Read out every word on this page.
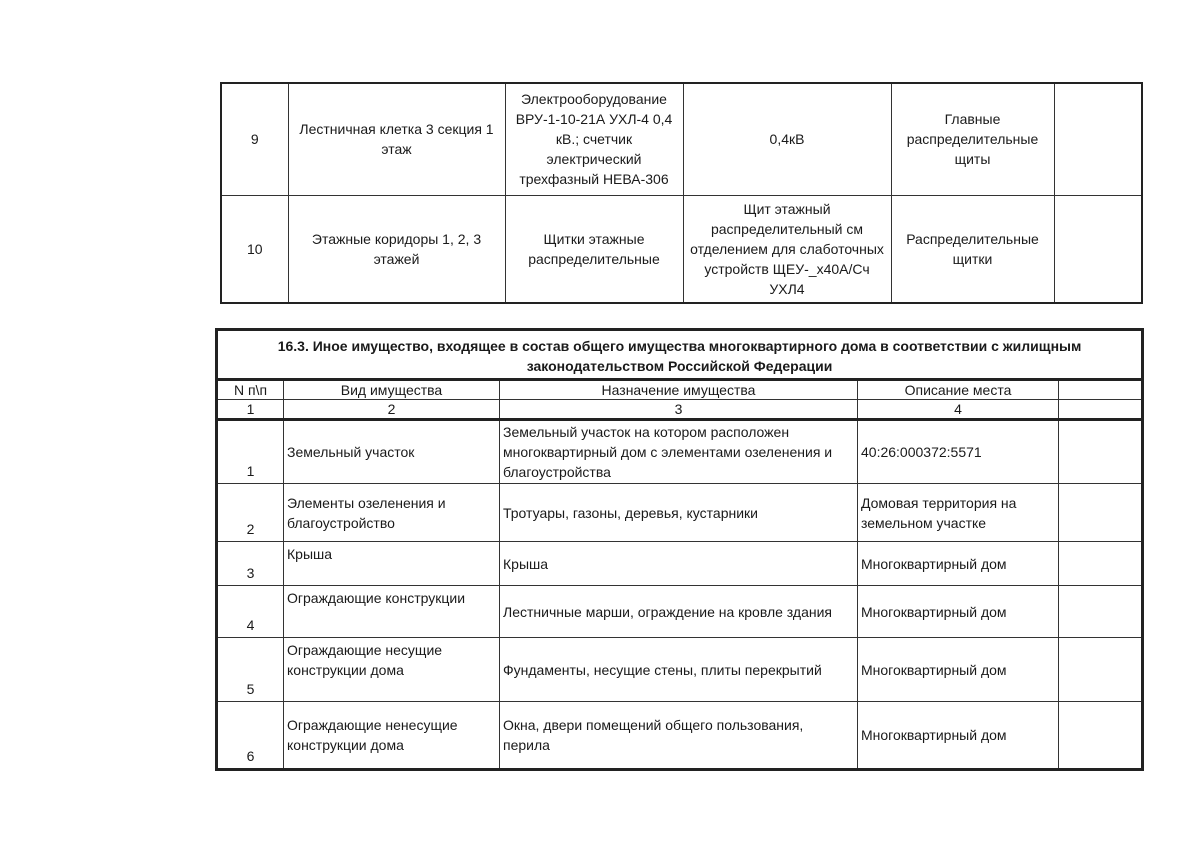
9	Лестничная клетка 3 секция 1 этаж	Электрооборудование ВРУ-1-10-21А УХЛ-4 0,4 кВ.; счетчик электрический трехфазный НЕВА-306	0,4кВ	Главные распределительные щиты	
10	Этажные коридоры 1, 2, 3 этажей	Щитки этажные распределительные	Щит этажный распределительный см отделением для слаботочных устройств ЩЕУ-_х40А/Сч УХЛ4	Распределительные щитки	
16.3. Иное имущество, входящее в состав общего имущества многоквартирного дома в соответствии с жилищным законодательством Российской Федерации				
N п\п	Вид имущества	Назначение имущества	Описание места	
1	2	3	4	
1	Земельный участок	Земельный участок на котором расположен многоквартирный дом с элементами озеленения и благоустройства	40:26:000372:5571	
2	Элементы озеленения и благоустройство	Тротуары, газоны, деревья, кустарники	Домовая территория на земельном участке	
3	Крыша	Крыша	Многоквартирный дом	
4	Ограждающие конструкции	Лестничные марши, ограждение на кровле здания	Многоквартирный дом	
5	Ограждающие несущие конструкции дома	Фундаменты, несущие стены, плиты перекрытий	Многоквартирный дом	
6	Ограждающие ненесущие конструкции дома	Окна, двери помещений общего пользования, перила	Многоквартирный дом	
